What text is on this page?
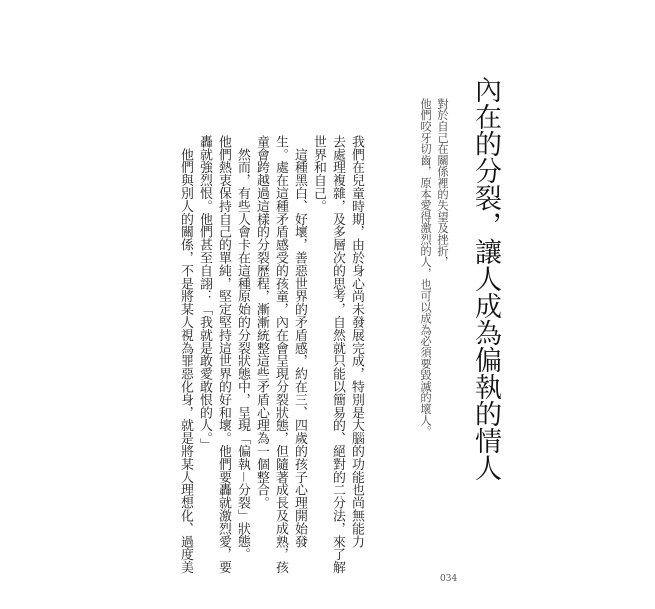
內在的分裂，讓人成為偏執的情人
對於自己在關係裡的失望及挫折，
他們咬牙切齒，原本愛得激烈的人，也可以成為必須要毀滅的壞人。
我們在兒童時期，由於身心尚未發展完成，特別是大腦的功能也尚無能力
去處理複雜，及多層次的思考，自然就只能以簡易的、絕對的二分法，來了解
世界和自己。
　這種黑白、好壞，善惡世界的矛盾感，約在三、四歲的孩子心理開始發
生。處在這種矛盾感受的孩童，內在會呈現分裂狀態，但隨著成長及成熟，孩
童會跨越過這樣的分裂歷程，漸漸統整這些矛盾心理為一個整合。
　然而，有些人會卡在這種原始的分裂狀態中，呈現「偏執－分裂」狀態。
他們熱衷保持自己的單純，堅定堅持這世界的好和壞。他們要轟就激烈愛，要
轟就強烈恨。他們甚至自詡：「我就是敢愛敢恨的人。」
　他們與別人的關係，不是將某人視為罪惡化身，就是將某人理想化、過度美
034
